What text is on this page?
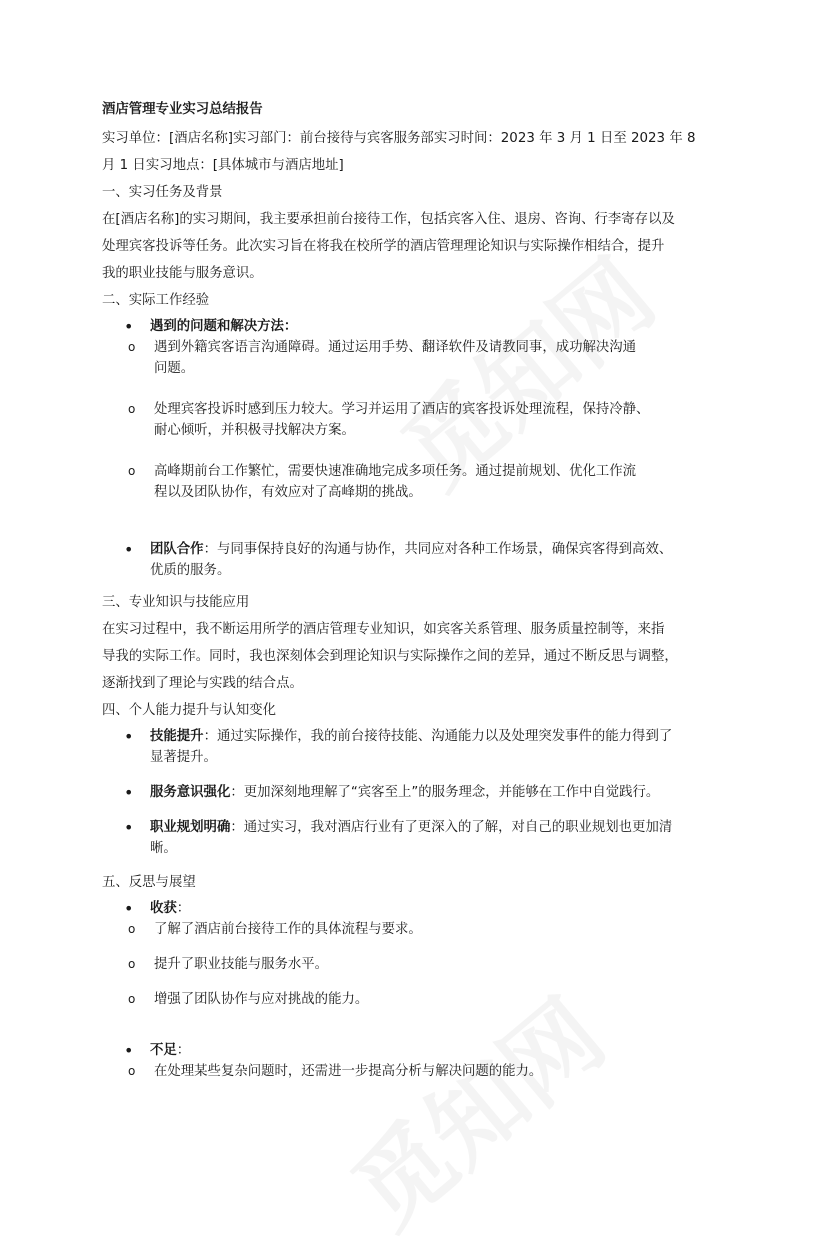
酒店管理专业实习总结报告

实习单位：[酒店名称]实习部门：前台接待与宾客服务部实习时间：2023 年 3 月 1 日至 2023 年 8

月 1 日实习地点：[具体城市与酒店地址]

一、实习任务及背景

在[酒店名称]的实习期间，我主要承担前台接待工作，包括宾客入住、退房、咨询、行李寄存以及

处理宾客投诉等任务。此次实习旨在将我在校所学的酒店管理理论知识与实际操作相结合，提升

我的职业技能与服务意识。

二、实际工作经验
• 遇到的问题和解决方法：
o 遇到外籍宾客语言沟通障碍。通过运用手势、翻译软件及请教同事，成功解决沟通
问题。
o 处理宾客投诉时感到压力较大。学习并运用了酒店的宾客投诉处理流程，保持冷静、
耐心倾听，并积极寻找解决方案。
o 高峰期前台工作繁忙，需要快速准确地完成多项任务。通过提前规划、优化工作流
程以及团队协作，有效应对了高峰期的挑战。
• 团队合作：与同事保持良好的沟通与协作，共同应对各种工作场景，确保宾客得到高效、
优质的服务。
三、专业知识与技能应用

在实习过程中，我不断运用所学的酒店管理专业知识，如宾客关系管理、服务质量控制等，来指

导我的实际工作。同时，我也深刻体会到理论知识与实际操作之间的差异，通过不断反思与调整，

逐渐找到了理论与实践的结合点。

四、个人能力提升与认知变化
• 技能提升：通过实际操作，我的前台接待技能、沟通能力以及处理突发事件的能力得到了
显著提升。
• 服务意识强化：更加深刻地理解了“宾客至上”的服务理念，并能够在工作中自觉践行。
• 职业规划明确：通过实习，我对酒店行业有了更深入的了解，对自己的职业规划也更加清
晰。
五、反思与展望
• 收获：
o 了解了酒店前台接待工作的具体流程与要求。
o 提升了职业技能与服务水平。
o 增强了团队协作与应对挑战的能力。
• 不足：
o 在处理某些复杂问题时，还需进一步提高分析与解决问题的能力。
